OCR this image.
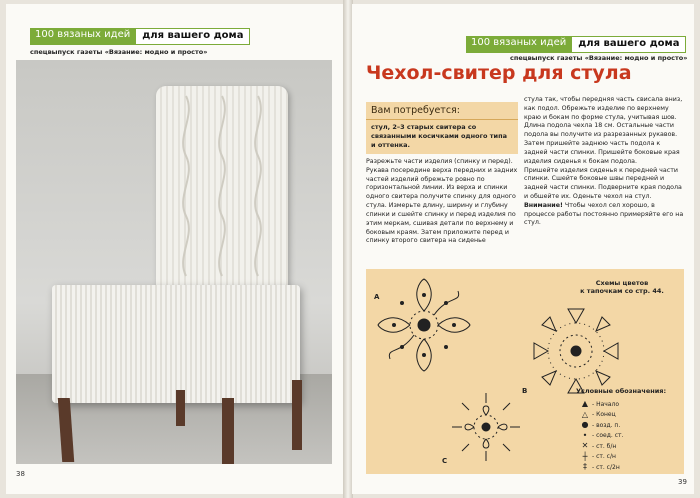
100 вязаных идей	для вашего дома
спецвыпуск газеты «Вязание: модно и просто»
38
100 вязаных идей	для вашего дома
спецвыпуск газеты «Вязание: модно и просто»
Чехол-свитер для стула
Вам потребуется:
стул, 2–3 старых свитера со связанными косичками одного типа и оттенка.
Разрежьте части изделия (спинку и перед). Рукава посередине верха передних и задних частей изделий обрежьте ровно по горизонтальной линии. Из верха и спинки одного свитера получите спинку для одного стула. Измерьте длину, ширину и глубину спинки и сшейте спинку и перед изделия по этим меркам, сшивая детали по верхнему и боковым краям. Затем приложите перед и спинку второго свитера на сиденье
стула так, чтобы передняя часть свисала вниз, как подол. Обрежьте изделие по верхнему краю и бокам по форме стула, учитывая шов. Длина подола чехла 18 см. Остальные части подола вы получите из разрезанных рукавов. Затем пришейте заднюю часть подола к задней части спинки. Пришейте боковые края изделия сиденья к бокам подола.
Пришейте изделия сиденья к передней части спинки. Сшейте боковые швы передней и задней части спинки. Подверните края подола и обшейте их. Оденьте чехол на стул. Внимание! Чтобы чехол сел хорошо, в процессе работы постоянно примеряйте его на стул.
Схемы цветов
к тапочкам со стр. 44.
A
B
C
Условные обозначения:
▲ - Начало
△ - Конец
● - возд. п.
• - соед. ст.
✕ - ст. б/н
┼ - ст. с/н
‡ - ст. с/2н
39
